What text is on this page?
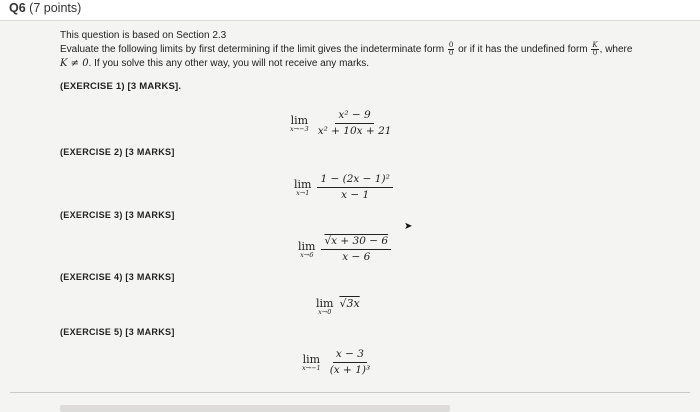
Q6 (7 points)
This question is based on Section 2.3
Evaluate the following limits by first determining if the limit gives the indeterminate form $\frac{0}{0}$ or if it has the undefined form $\frac{K}{0}$ , where
K ≠ 0. If you solve this any other way, you will not receive any marks.
(EXERCISE 1) [3 MARKS].
lim
x→−3
x² − 9
x² + 10x + 21
(EXERCISE 2) [3 MARKS]
lim
x→1
1 − (2x − 1)²
x − 1
(EXERCISE 3) [3 MARKS]
lim
x→6
√x + 30 − 6
x − 6
(EXERCISE 4) [3 MARKS]
lim
x→0
√3x
(EXERCISE 5) [3 MARKS]
lim
x→−1
x − 3
(x + 1)³
➤
